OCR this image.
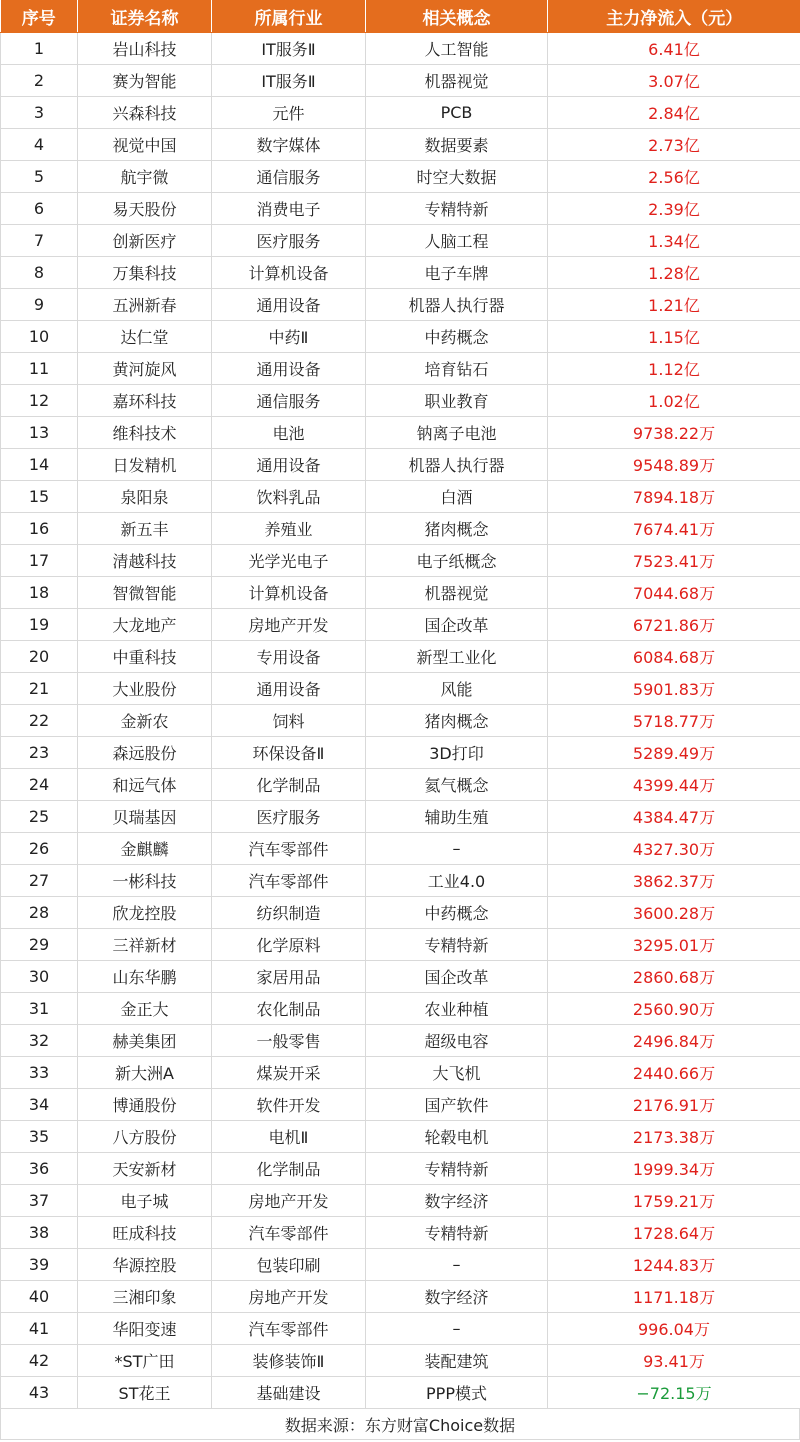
序号	证券名称	所属行业	相关概念	主力净流入（元）
1	岩山科技	IT服务Ⅱ	人工智能	6.41亿
2	赛为智能	IT服务Ⅱ	机器视觉	3.07亿
3	兴森科技	元件	PCB	2.84亿
4	视觉中国	数字媒体	数据要素	2.73亿
5	航宇微	通信服务	时空大数据	2.56亿
6	易天股份	消费电子	专精特新	2.39亿
7	创新医疗	医疗服务	人脑工程	1.34亿
8	万集科技	计算机设备	电子车牌	1.28亿
9	五洲新春	通用设备	机器人执行器	1.21亿
10	达仁堂	中药Ⅱ	中药概念	1.15亿
11	黄河旋风	通用设备	培育钻石	1.12亿
12	嘉环科技	通信服务	职业教育	1.02亿
13	维科技术	电池	钠离子电池	9738.22万
14	日发精机	通用设备	机器人执行器	9548.89万
15	泉阳泉	饮料乳品	白酒	7894.18万
16	新五丰	养殖业	猪肉概念	7674.41万
17	清越科技	光学光电子	电子纸概念	7523.41万
18	智微智能	计算机设备	机器视觉	7044.68万
19	大龙地产	房地产开发	国企改革	6721.86万
20	中重科技	专用设备	新型工业化	6084.68万
21	大业股份	通用设备	风能	5901.83万
22	金新农	饲料	猪肉概念	5718.77万
23	森远股份	环保设备Ⅱ	3D打印	5289.49万
24	和远气体	化学制品	氦气概念	4399.44万
25	贝瑞基因	医疗服务	辅助生殖	4384.47万
26	金麒麟	汽车零部件	–	4327.30万
27	一彬科技	汽车零部件	工业4.0	3862.37万
28	欣龙控股	纺织制造	中药概念	3600.28万
29	三祥新材	化学原料	专精特新	3295.01万
30	山东华鹏	家居用品	国企改革	2860.68万
31	金正大	农化制品	农业种植	2560.90万
32	赫美集团	一般零售	超级电容	2496.84万
33	新大洲A	煤炭开采	大飞机	2440.66万
34	博通股份	软件开发	国产软件	2176.91万
35	八方股份	电机Ⅱ	轮毂电机	2173.38万
36	天安新材	化学制品	专精特新	1999.34万
37	电子城	房地产开发	数字经济	1759.21万
38	旺成科技	汽车零部件	专精特新	1728.64万
39	华源控股	包装印刷	–	1244.83万
40	三湘印象	房地产开发	数字经济	1171.18万
41	华阳变速	汽车零部件	–	996.04万
42	*ST广田	装修装饰Ⅱ	装配建筑	93.41万
43	ST花王	基础建设	PPP模式	−72.15万
数据来源：东方财富Choice数据
